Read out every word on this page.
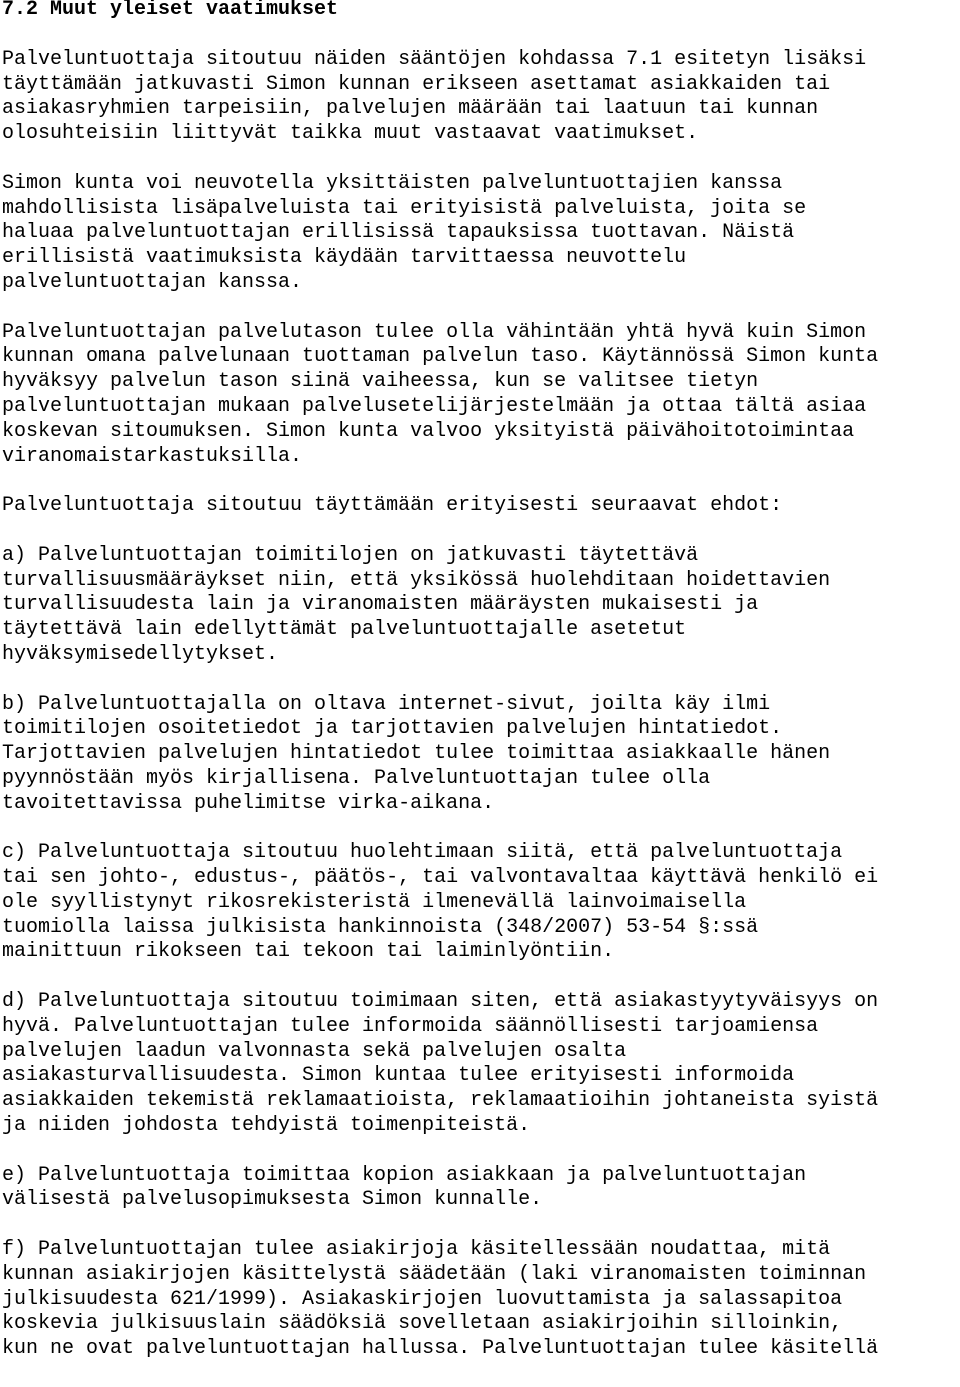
7.2 Muut yleiset vaatimukset
Palveluntuottaja sitoutuu näiden sääntöjen kohdassa 7.1 esitetyn lisäksi
täyttämään jatkuvasti Simon kunnan erikseen asettamat asiakkaiden tai
asiakasryhmien tarpeisiin, palvelujen määrään tai laatuun tai kunnan
olosuhteisiin liittyvät taikka muut vastaavat vaatimukset.
Simon kunta voi neuvotella yksittäisten palveluntuottajien kanssa
mahdollisista lisäpalveluista tai erityisistä palveluista, joita se
haluaa palveluntuottajan erillisissä tapauksissa tuottavan. Näistä
erillisistä vaatimuksista käydään tarvittaessa neuvottelu
palveluntuottajan kanssa.
Palveluntuottajan palvelutason tulee olla vähintään yhtä hyvä kuin Simon
kunnan omana palvelunaan tuottaman palvelun taso. Käytännössä Simon kunta
hyväksyy palvelun tason siinä vaiheessa, kun se valitsee tietyn
palveluntuottajan mukaan palvelusetelijärjestelmään ja ottaa tältä asiaa
koskevan sitoumuksen. Simon kunta valvoo yksityistä päivähoitotoimintaa
viranomaistarkastuksilla.
Palveluntuottaja sitoutuu täyttämään erityisesti seuraavat ehdot:
a) Palveluntuottajan toimitilojen on jatkuvasti täytettävä
turvallisuusmääräykset niin, että yksikössä huolehditaan hoidettavien
turvallisuudesta lain ja viranomaisten määräysten mukaisesti ja
täytettävä lain edellyttämät palveluntuottajalle asetetut
hyväksymisedellytykset.
b) Palveluntuottajalla on oltava internet-sivut, joilta käy ilmi
toimitilojen osoitetiedot ja tarjottavien palvelujen hintatiedot.
Tarjottavien palvelujen hintatiedot tulee toimittaa asiakkaalle hänen
pyynnöstään myös kirjallisena. Palveluntuottajan tulee olla
tavoitettavissa puhelimitse virka-aikana.
c) Palveluntuottaja sitoutuu huolehtimaan siitä, että palveluntuottaja
tai sen johto-, edustus-, päätös-, tai valvontavaltaa käyttävä henkilö ei
ole syyllistynyt rikosrekisteristä ilmenevällä lainvoimaisella
tuomiolla laissa julkisista hankinnoista (348/2007) 53-54 §:ssä
mainittuun rikokseen tai tekoon tai laiminlyöntiin.
d) Palveluntuottaja sitoutuu toimimaan siten, että asiakastyytyväisyys on
hyvä. Palveluntuottajan tulee informoida säännöllisesti tarjoamiensa
palvelujen laadun valvonnasta sekä palvelujen osalta
asiakasturvallisuudesta. Simon kuntaa tulee erityisesti informoida
asiakkaiden tekemistä reklamaatioista, reklamaatioihin johtaneista syistä
ja niiden johdosta tehdyistä toimenpiteistä.
e) Palveluntuottaja toimittaa kopion asiakkaan ja palveluntuottajan
välisestä palvelusopimuksesta Simon kunnalle.
f) Palveluntuottajan tulee asiakirjoja käsitellessään noudattaa, mitä
kunnan asiakirjojen käsittelystä säädetään (laki viranomaisten toiminnan
julkisuudesta 621/1999). Asiakaskirjojen luovuttamista ja salassapitoa
koskevia julkisuuslain säädöksiä sovelletaan asiakirjoihin silloinkin,
kun ne ovat palveluntuottajan hallussa. Palveluntuottajan tulee käsitellä
